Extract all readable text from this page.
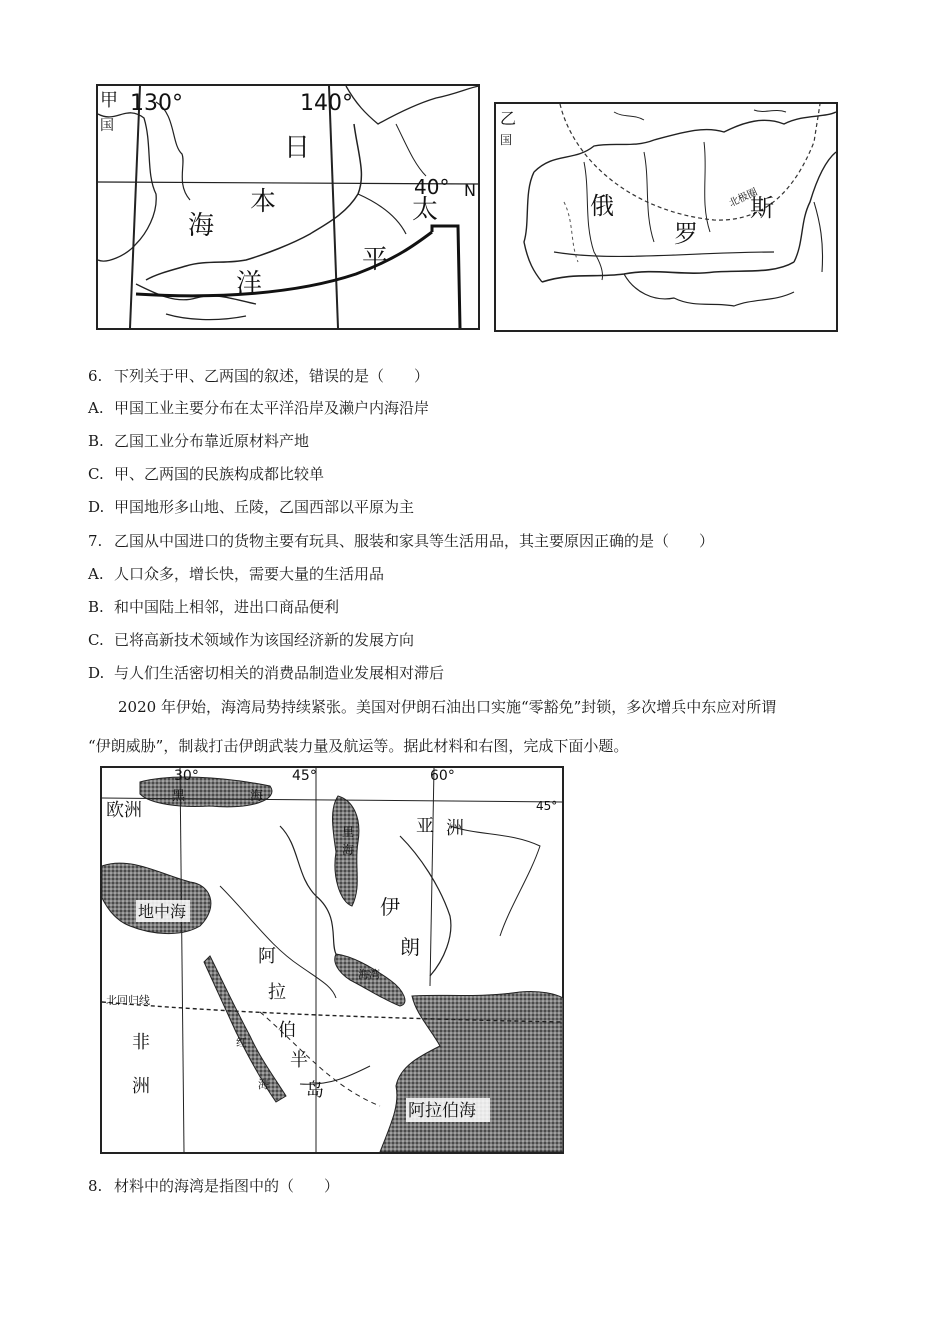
甲
国
130°	140°
40° N
日
本
海
太
平
洋
乙
国
北极圈
俄
罗
斯
6. 下列关于甲、乙两国的叙述，错误的是（　　）
A. 甲国工业主要分布在太平洋沿岸及濑户内海沿岸
B. 乙国工业分布靠近原材料产地
C. 甲、乙两国的民族构成都比较单
D. 甲国地形多山地、丘陵，乙国西部以平原为主
7. 乙国从中国进口的货物主要有玩具、服装和家具等生活用品，其主要原因正确的是（　　）
A. 人口众多，增长快，需要大量的生活用品
B. 和中国陆上相邻，进出口商品便利
C. 已将高新技术领域作为该国经济新的发展方向
D. 与人们生活密切相关的消费品制造业发展相对滞后
2020 年伊始，海湾局势持续紧张。美国对伊朗石油出口实施“零豁免”封锁，多次增兵中东应对所谓
“伊朗威胁”，制裁打击伊朗武装力量及航运等。据此材料和右图，完成下面小题。
30°	45°	60°
45°
欧洲
黑	海
里
海
亚 洲
地中海	伊
朗
阿
拉
伯
半
岛
北回归线
非
洲
红
海
海湾
阿拉伯海
8. 材料中的海湾是指图中的（　　）
